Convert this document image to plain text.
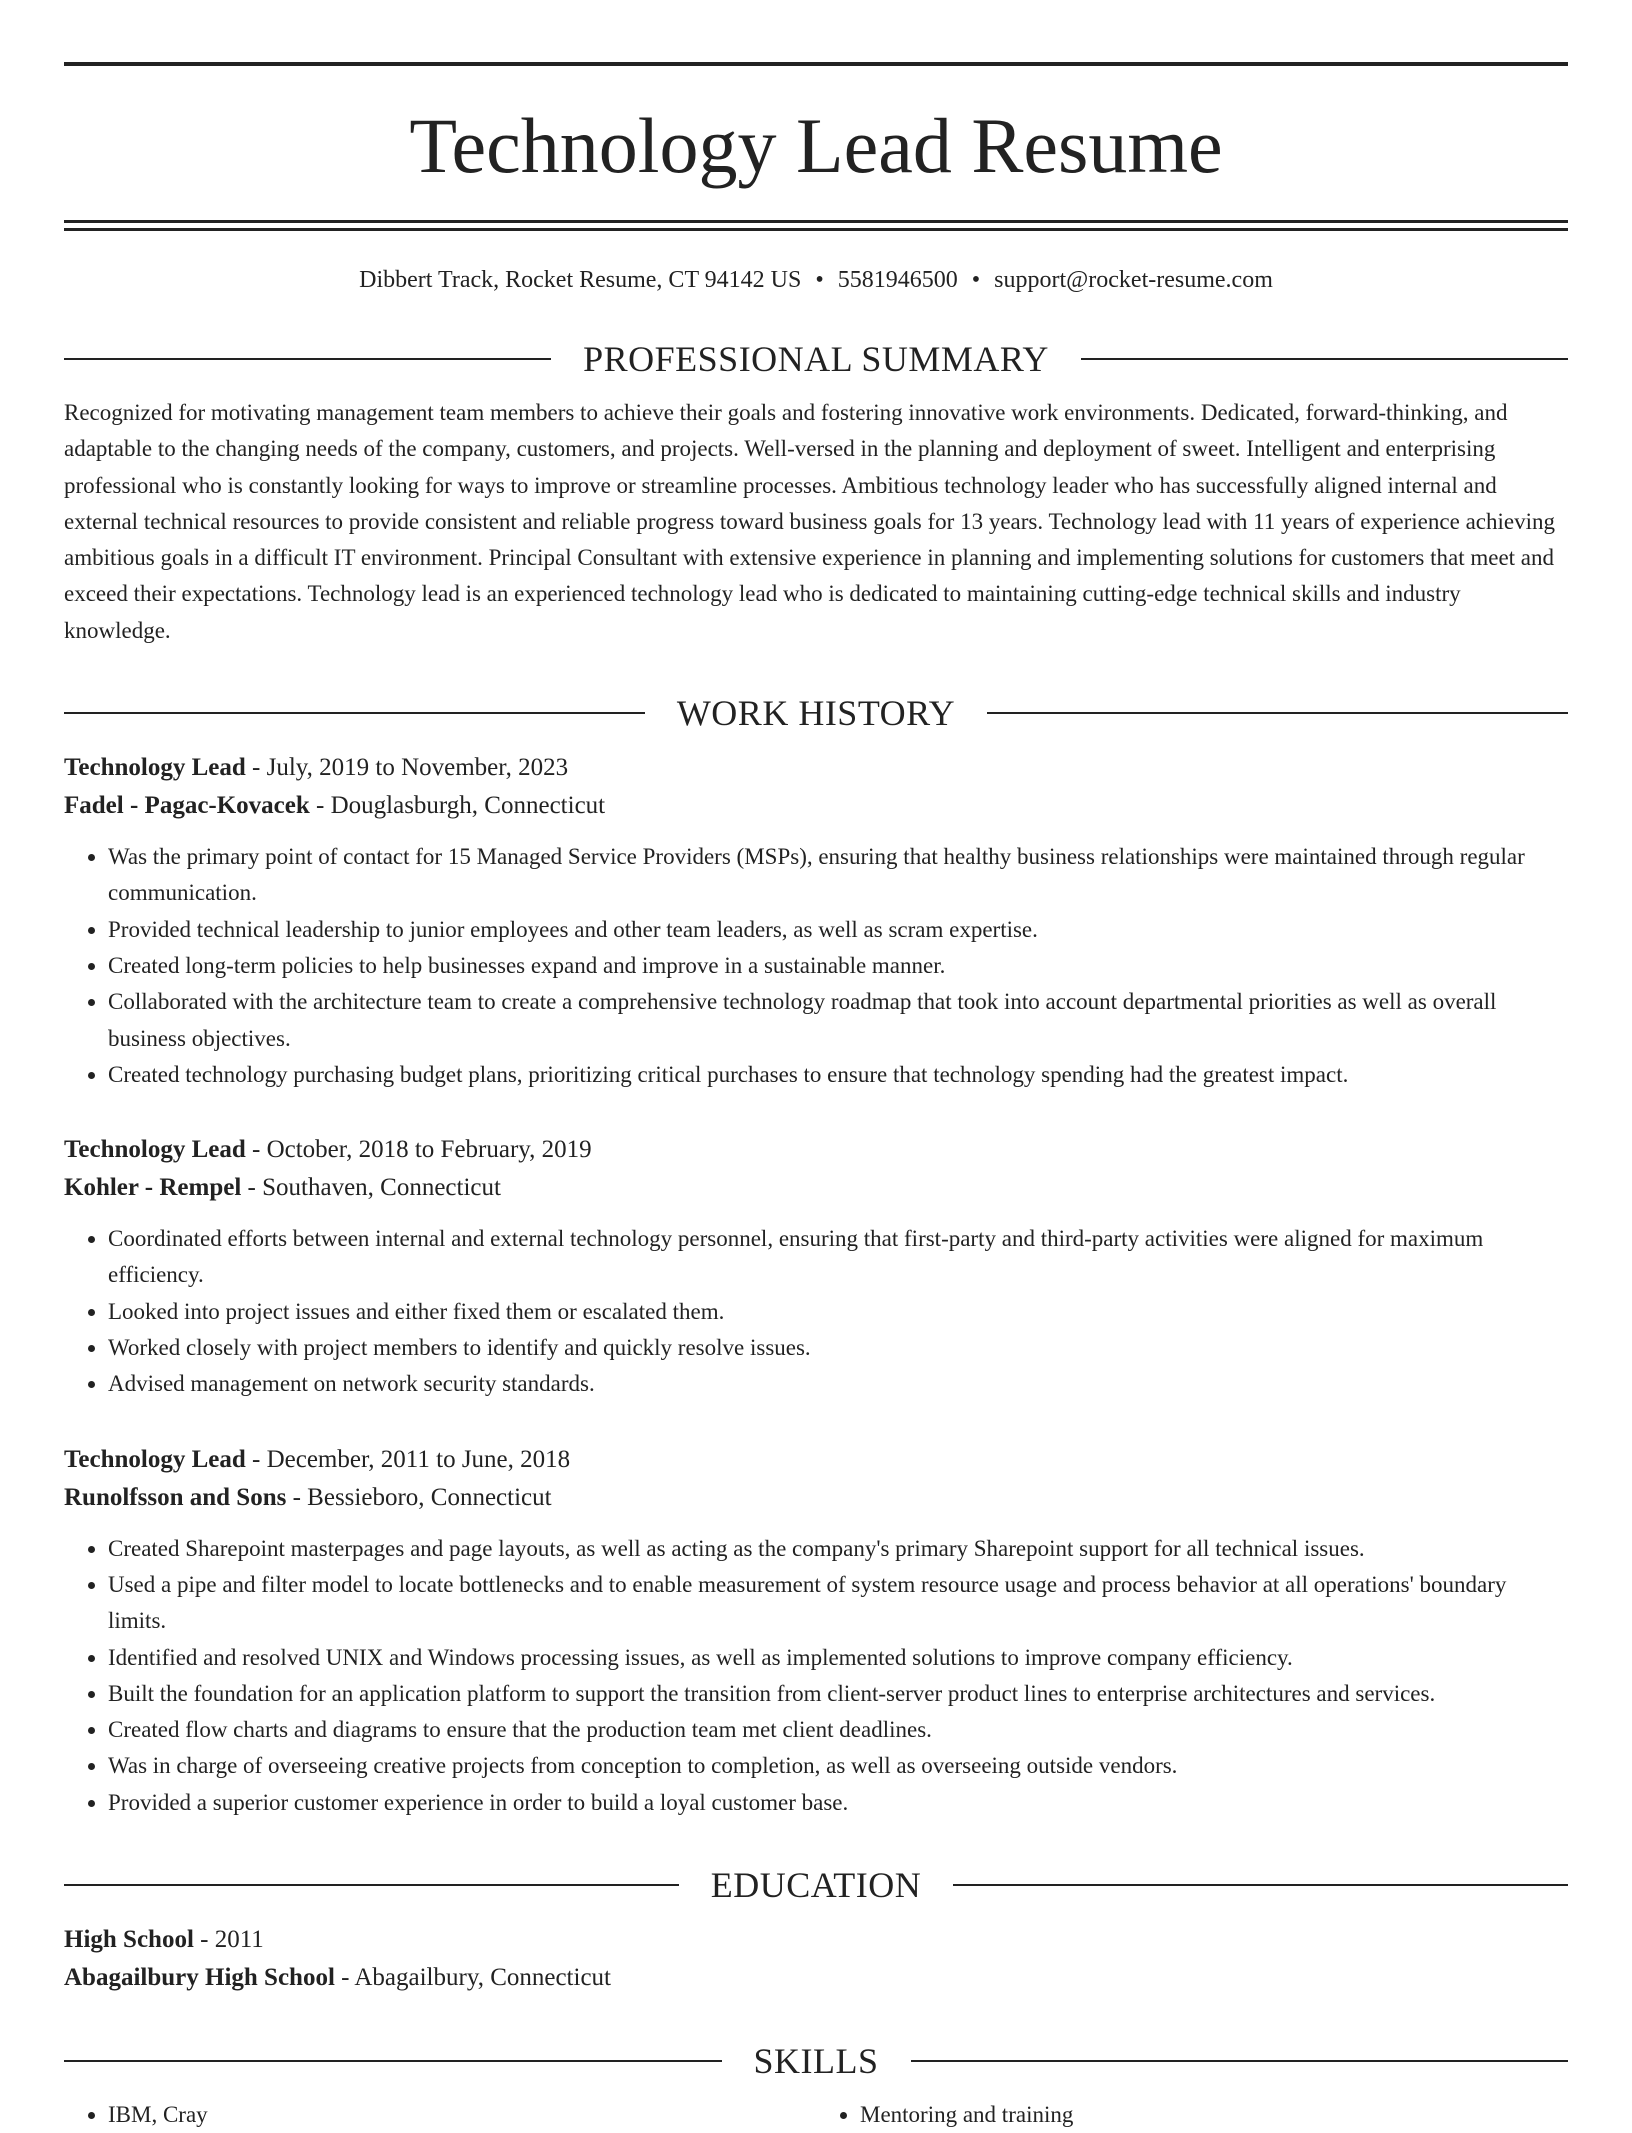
Technology Lead Resume
Dibbert Track, Rocket Resume, CT 94142 US • 5581946500 • support@rocket-resume.com
PROFESSIONAL SUMMARY

Recognized for motivating management team members to achieve their goals and fostering innovative work environments. Dedicated, forward-thinking, and adaptable to the changing needs of the company, customers, and projects. Well-versed in the planning and deployment of sweet. Intelligent and enterprising professional who is constantly looking for ways to improve or streamline processes. Ambitious technology leader who has successfully aligned internal and external technical resources to provide consistent and reliable progress toward business goals for 13 years. Technology lead with 11 years of experience achieving ambitious goals in a difficult IT environment. Principal Consultant with extensive experience in planning and implementing solutions for customers that meet and exceed their expectations. Technology lead is an experienced technology lead who is dedicated to maintaining cutting-edge technical skills and industry knowledge.

WORK HISTORY
Technology Lead - July, 2019 to November, 2023
Fadel - Pagac-Kovacek - Douglasburgh, Connecticut
• Was the primary point of contact for 15 Managed Service Providers (MSPs), ensuring that healthy business relationships were maintained through regular communication.
• Provided technical leadership to junior employees and other team leaders, as well as scram expertise.
• Created long-term policies to help businesses expand and improve in a sustainable manner.
• Collaborated with the architecture team to create a comprehensive technology roadmap that took into account departmental priorities as well as overall business objectives.
• Created technology purchasing budget plans, prioritizing critical purchases to ensure that technology spending had the greatest impact.
Technology Lead - October, 2018 to February, 2019
Kohler - Rempel - Southaven, Connecticut
• Coordinated efforts between internal and external technology personnel, ensuring that first-party and third-party activities were aligned for maximum efficiency.
• Looked into project issues and either fixed them or escalated them.
• Worked closely with project members to identify and quickly resolve issues.
• Advised management on network security standards.
Technology Lead - December, 2011 to June, 2018
Runolfsson and Sons - Bessieboro, Connecticut
• Created Sharepoint masterpages and page layouts, as well as acting as the company's primary Sharepoint support for all technical issues.
• Used a pipe and filter model to locate bottlenecks and to enable measurement of system resource usage and process behavior at all operations' boundary limits.
• Identified and resolved UNIX and Windows processing issues, as well as implemented solutions to improve company efficiency.
• Built the foundation for an application platform to support the transition from client-server product lines to enterprise architectures and services.
• Created flow charts and diagrams to ensure that the production team met client deadlines.
• Was in charge of overseeing creative projects from conception to completion, as well as overseeing outside vendors.
• Provided a superior customer experience in order to build a loyal customer base.
EDUCATION
High School - 2011
Abagailbury High School - Abagailbury, Connecticut
SKILLS
• IBM, Cray
•	Mentoring and training
